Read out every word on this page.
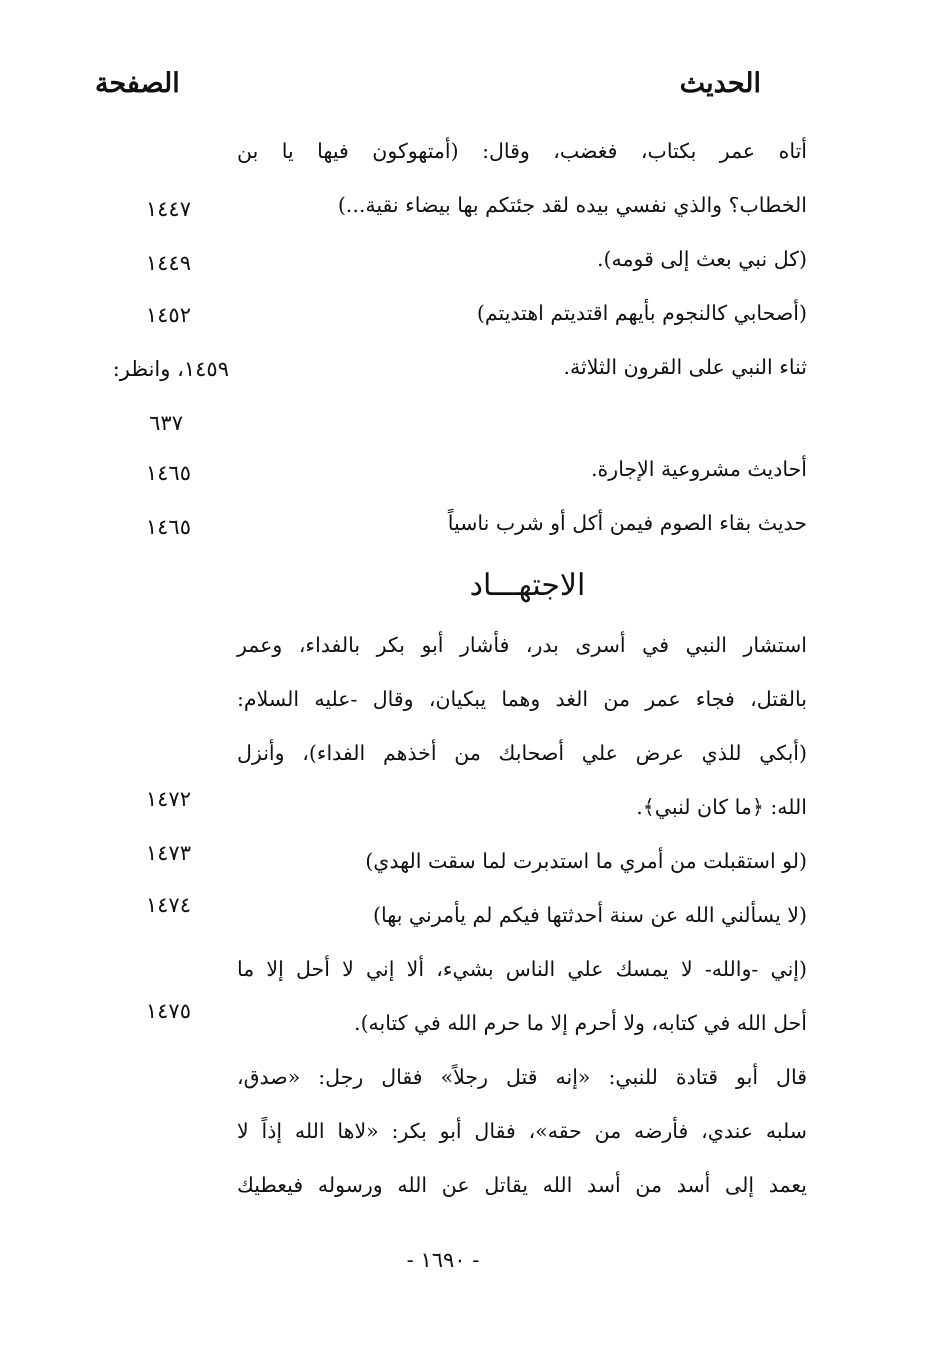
الحديث
الصفحة
أتاه عمر بكتاب، فغضب، وقال: (أمتهوكون فيها يا بن
الخطاب؟ والذي نفسي بيده لقد جئتكم بها بيضاء نقية...)
(كل نبي بعث إلى قومه).
(أصحابي كالنجوم بأيهم اقتديتم اهتديتم)
ثناء النبي على القرون الثلاثة.
أحاديث مشروعية الإجارة.
حديث بقاء الصوم فيمن أكل أو شرب ناسياً
الاجتهـــاد
استشار النبي في أسرى بدر، فأشار أبو بكر بالفداء، وعمر
بالقتل، فجاء عمر من الغد وهما يبكيان، وقال -عليه السلام:
(أبكي للذي عرض علي أصحابك من أخذهم الفداء)، وأنزل
الله: ﴿ما كان لنبي﴾.
(لو استقبلت من أمري ما استدبرت لما سقت الهدي)
(لا يسألني الله عن سنة أحدثتها فيكم لم يأمرني بها)
(إني -والله- لا يمسك علي الناس بشيء، ألا إني لا أحل إلا ما
أحل الله في كتابه، ولا أحرم إلا ما حرم الله في كتابه).
قال أبو قتادة للنبي: «إنه قتل رجلاً» فقال رجل: «صدق،
سلبه عندي، فأرضه من حقه»، فقال أبو بكر: «لاها الله إذاً لا
يعمد إلى أسد من أسد الله يقاتل عن الله ورسوله فيعطيك
١٤٤٧
١٤٤٩
١٤٥٢
١٤٥٩، وانظر:
٦٣٧
١٤٦٥
١٤٦٥
١٤٧٢
١٤٧٣
١٤٧٤
١٤٧٥
- ١٦٩٠ -
